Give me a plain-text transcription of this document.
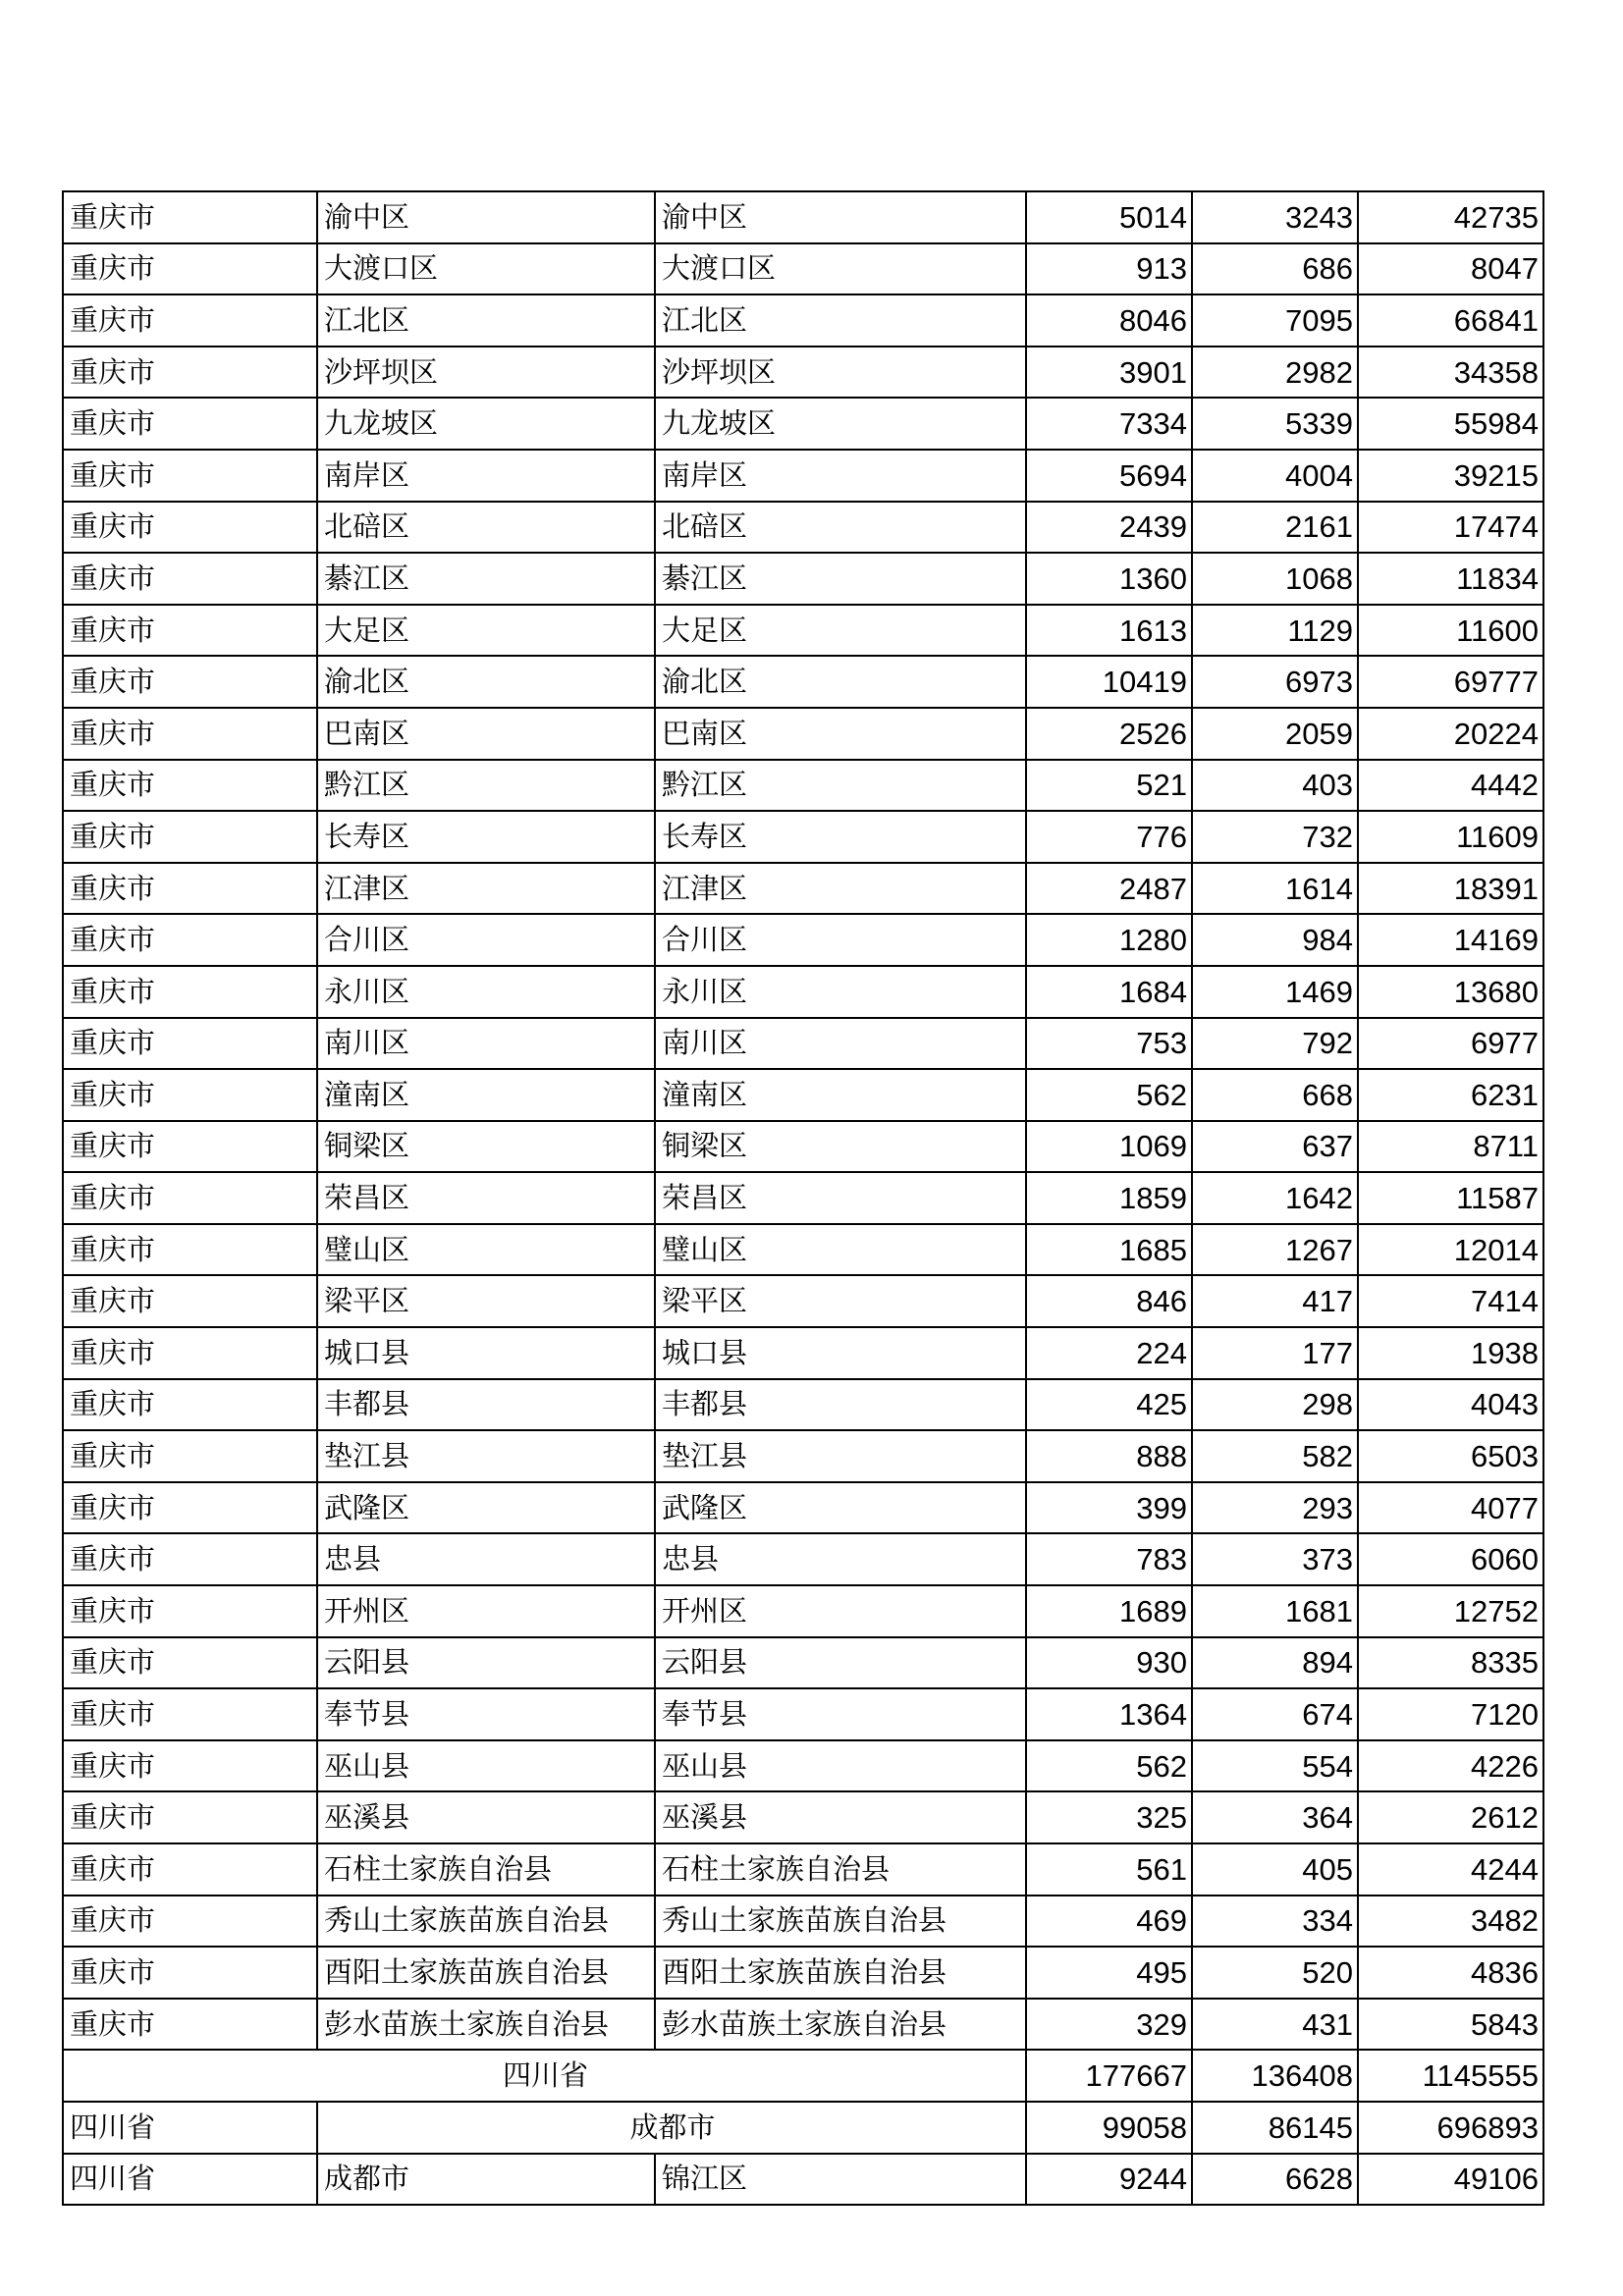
重庆市	渝中区	渝中区	5014	3243	42735
重庆市	大渡口区	大渡口区	913	686	8047
重庆市	江北区	江北区	8046	7095	66841
重庆市	沙坪坝区	沙坪坝区	3901	2982	34358
重庆市	九龙坡区	九龙坡区	7334	5339	55984
重庆市	南岸区	南岸区	5694	4004	39215
重庆市	北碚区	北碚区	2439	2161	17474
重庆市	綦江区	綦江区	1360	1068	11834
重庆市	大足区	大足区	1613	1129	11600
重庆市	渝北区	渝北区	10419	6973	69777
重庆市	巴南区	巴南区	2526	2059	20224
重庆市	黔江区	黔江区	521	403	4442
重庆市	长寿区	长寿区	776	732	11609
重庆市	江津区	江津区	2487	1614	18391
重庆市	合川区	合川区	1280	984	14169
重庆市	永川区	永川区	1684	1469	13680
重庆市	南川区	南川区	753	792	6977
重庆市	潼南区	潼南区	562	668	6231
重庆市	铜梁区	铜梁区	1069	637	8711
重庆市	荣昌区	荣昌区	1859	1642	11587
重庆市	璧山区	璧山区	1685	1267	12014
重庆市	梁平区	梁平区	846	417	7414
重庆市	城口县	城口县	224	177	1938
重庆市	丰都县	丰都县	425	298	4043
重庆市	垫江县	垫江县	888	582	6503
重庆市	武隆区	武隆区	399	293	4077
重庆市	忠县	忠县	783	373	6060
重庆市	开州区	开州区	1689	1681	12752
重庆市	云阳县	云阳县	930	894	8335
重庆市	奉节县	奉节县	1364	674	7120
重庆市	巫山县	巫山县	562	554	4226
重庆市	巫溪县	巫溪县	325	364	2612
重庆市	石柱土家族自治县	石柱土家族自治县	561	405	4244
重庆市	秀山土家族苗族自治县	秀山土家族苗族自治县	469	334	3482
重庆市	酉阳土家族苗族自治县	酉阳土家族苗族自治县	495	520	4836
重庆市	彭水苗族土家族自治县	彭水苗族土家族自治县	329	431	5843
四川省			177667	136408	1145555
四川省	成都市		99058	86145	696893
四川省	成都市	锦江区	9244	6628	49106
